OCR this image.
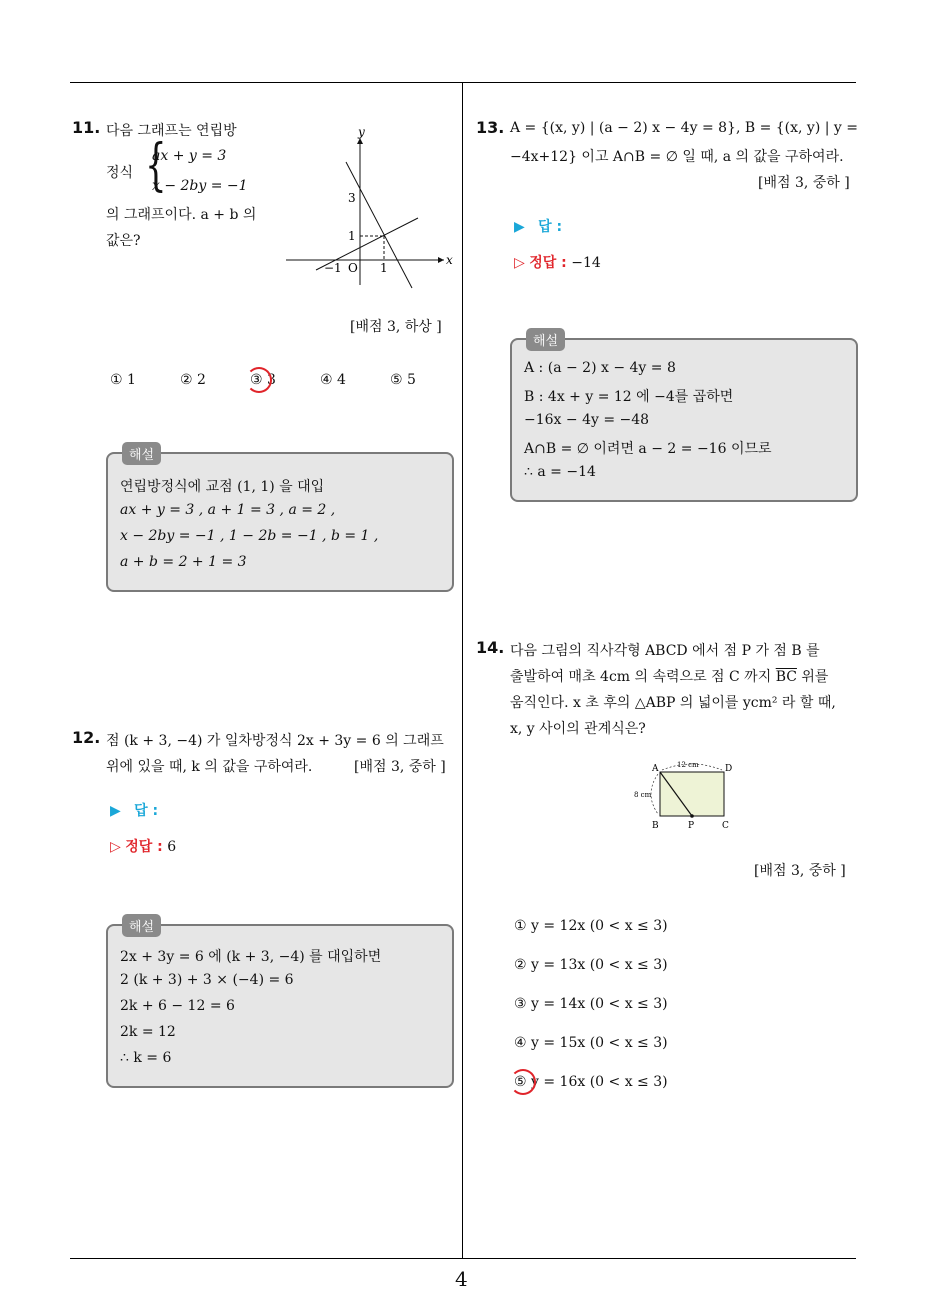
4
11. 다음 그래프는 연립방
정식 {
ax + y = 3
x − 2by = −1
의 그래프이다. a + b 의
값은?
y
x
3
1
−1 O 1
[배점 3, 하상 ]
① 1	② 2	③ 3	④ 4	⑤ 5
해설
연립방정식에 교점 (1, 1) 을 대입
ax + y = 3 , a + 1 = 3 , a = 2 ,
x − 2by = −1 , 1 − 2b = −1 , b = 1 ,
a + b = 2 + 1 = 3
12. 점 (k + 3, −4) 가 일차방정식 2x + 3y = 6 의 그래프
위에 있을 때, k 의 값을 구하여라.	[배점 3, 중하 ]
▶ 답 :
▷ 정답 : 6
해설
2x + 3y = 6 에 (k + 3, −4) 를 대입하면
2 (k + 3) + 3 × (−4) = 6
2k + 6 − 12 = 6
2k = 12
∴ k = 6
13. A = {(x, y) | (a − 2) x − 4y = 8}, B = {(x, y) | y =
−4x+12} 이고 A∩B = ∅ 일 때, a 의 값을 구하여라.
[배점 3, 중하 ]
▶ 답 :
▷ 정답 : −14
해설
A : (a − 2) x − 4y = 8
B : 4x + y = 12 에 −4를 곱하면
−16x − 4y = −48
A∩B = ∅ 이려면 a − 2 = −16 이므로
∴ a = −14
14. 다음 그림의 직사각형 ABCD 에서 점 P 가 점 B 를
출발하여 매초 4cm 의 속력으로 점 C 까지 $\overline{BC}$ 위를
움직인다. x 초 후의 △ABP 의 넓이를 ycm² 라 할 때,
x, y 사이의 관계식은?
A	D
B	P	C
12 cm
8 cm
[배점 3, 중하 ]
① y = 12x (0 < x ≤ 3)
② y = 13x (0 < x ≤ 3)
③ y = 14x (0 < x ≤ 3)
④ y = 15x (0 < x ≤ 3)
⑤ y = 16x (0 < x ≤ 3)
